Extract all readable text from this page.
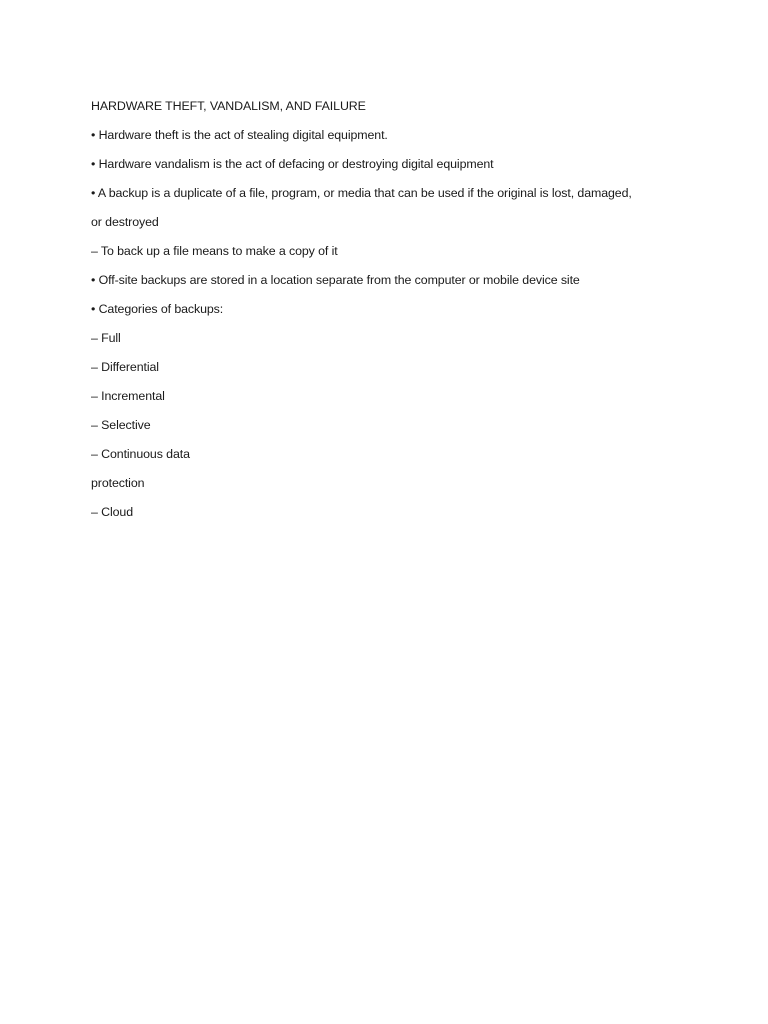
HARDWARE THEFT, VANDALISM, AND FAILURE
• Hardware theft is the act of stealing digital equipment.
• Hardware vandalism is the act of defacing or destroying digital equipment
• A backup is a duplicate of a file, program, or media that can be used if the original is lost, damaged,
or destroyed
– To back up a file means to make a copy of it
• Off-site backups are stored in a location separate from the computer or mobile device site
• Categories of backups:
– Full
– Differential
– Incremental
– Selective
– Continuous data
protection
– Cloud
